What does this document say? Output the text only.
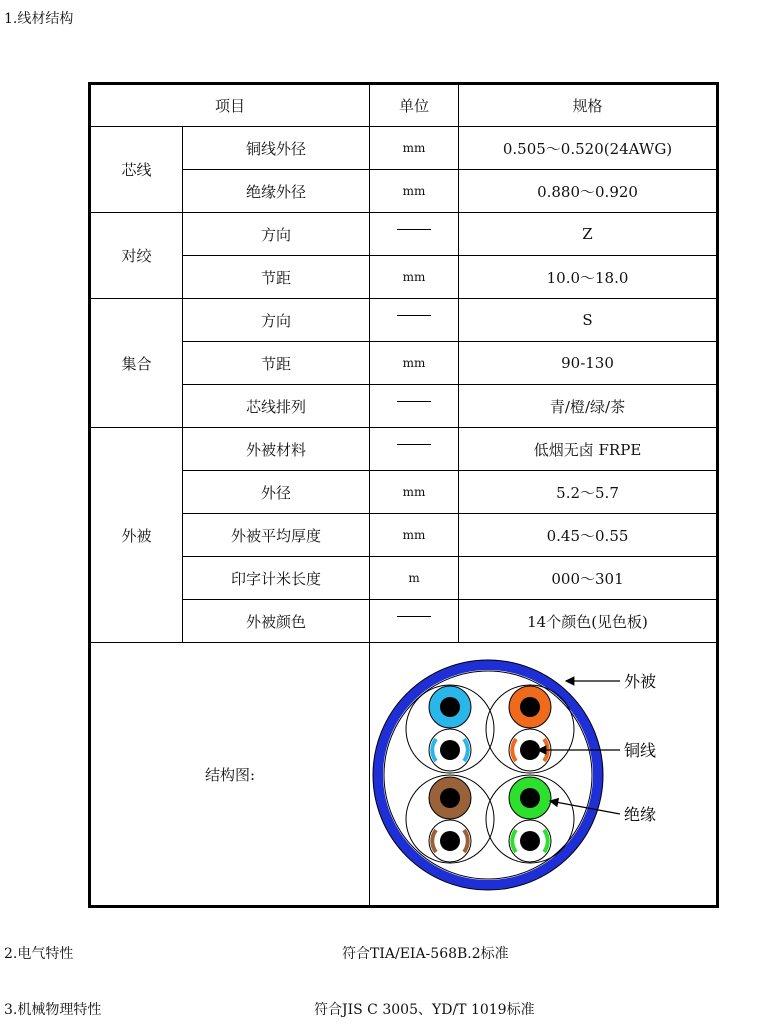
1.线材结构
项目		单位	规格
芯线	铜线外径	mm	0.505～0.520(24AWG)
	绝缘外径	mm	0.880～0.920
对绞	方向		Z
	节距	mm	10.0～18.0
集合	方向		S
	节距	mm	90-130
	芯线排列		青/橙/绿/茶
外被	外被材料		低烟无卤 FRPE
	外径	mm	5.2～5.7
	外被平均厚度	mm	0.45～0.55
	印字计米长度	m	000～301
	外被颜色		14个颜色(见色板)
结构图:		外被
铜线
绝缘	
2.电气特性	符合TIA/EIA-568B.2标准
3.机械物理特性	符合JIS C 3005、YD/T 1019标准
